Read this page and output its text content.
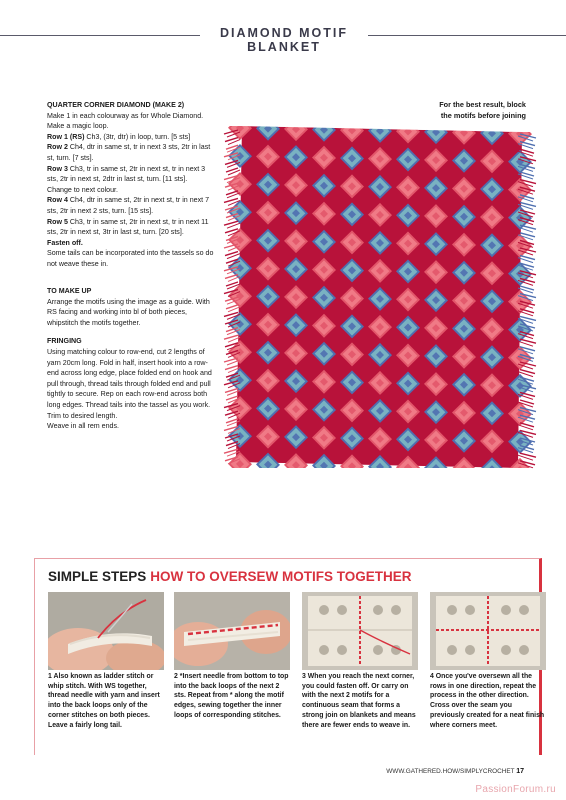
DIAMOND MOTIF BLANKET

QUARTER CORNER DIAMOND (MAKE 2)

Make 1 in each colourway as for Whole Diamond.

Make a magic loop.

Row 1 (RS) Ch3, (3tr, dtr) in loop, turn. [5 sts]

Row 2 Ch4, dtr in same st, tr in next 3 sts, 2tr in last st, turn. [7 sts].

Row 3 Ch3, tr in same st, 2tr in next st, tr in next 3 sts, 2tr in next st, 2dtr in last st, turn. [11 sts].

Change to next colour.

Row 4 Ch4, dtr in same st, 2tr in next st, tr in next 7 sts, 2tr in next 2 sts, turn. [15 sts].

Row 5 Ch3, tr in same st, 2tr in next st, tr in next 11 sts, 2tr in next st, 3tr in last st, turn. [20 sts].

Fasten off.

Some tails can be incorporated into the tassels so do not weave these in.

TO MAKE UP

Arrange the motifs using the image as a guide. With RS facing and working into bl of both pieces, whipstitch the motifs together.

FRINGING

Using matching colour to row-end, cut 2 lengths of yarn 20cm long. Fold in half, insert hook into a row-end across long edge, place folded end on hook and pull through, thread tails through folded end and pull tightly to secure. Rep on each row-end across both long edges. Thread tails into the tassel as you work. Trim to desired length.

Weave in all rem ends.

For the best result, block the motifs before joining
SIMPLE STEPS HOW TO OVERSEW MOTIFS TOGETHER
1 Also known as ladder stitch or whip stitch. With WS together, thread needle with yarn and insert into the back loops only of the corner stitches on both pieces. Leave a fairly long tail.
2 *Insert needle from bottom to top into the back loops of the next 2 sts. Repeat from * along the motif edges, sewing together the inner loops of corresponding stitches.
3 When you reach the next corner, you could fasten off. Or carry on with the next 2 motifs for a continuous seam that forms a strong join on blankets and means there are fewer ends to weave in.
4 Once you've oversewn all the rows in one direction, repeat the process in the other direction. Cross over the seam you previously created for a neat finish where corners meet.
WWW.GATHERED.HOW/SIMPLYCROCHET 17
PassionForum.ru
